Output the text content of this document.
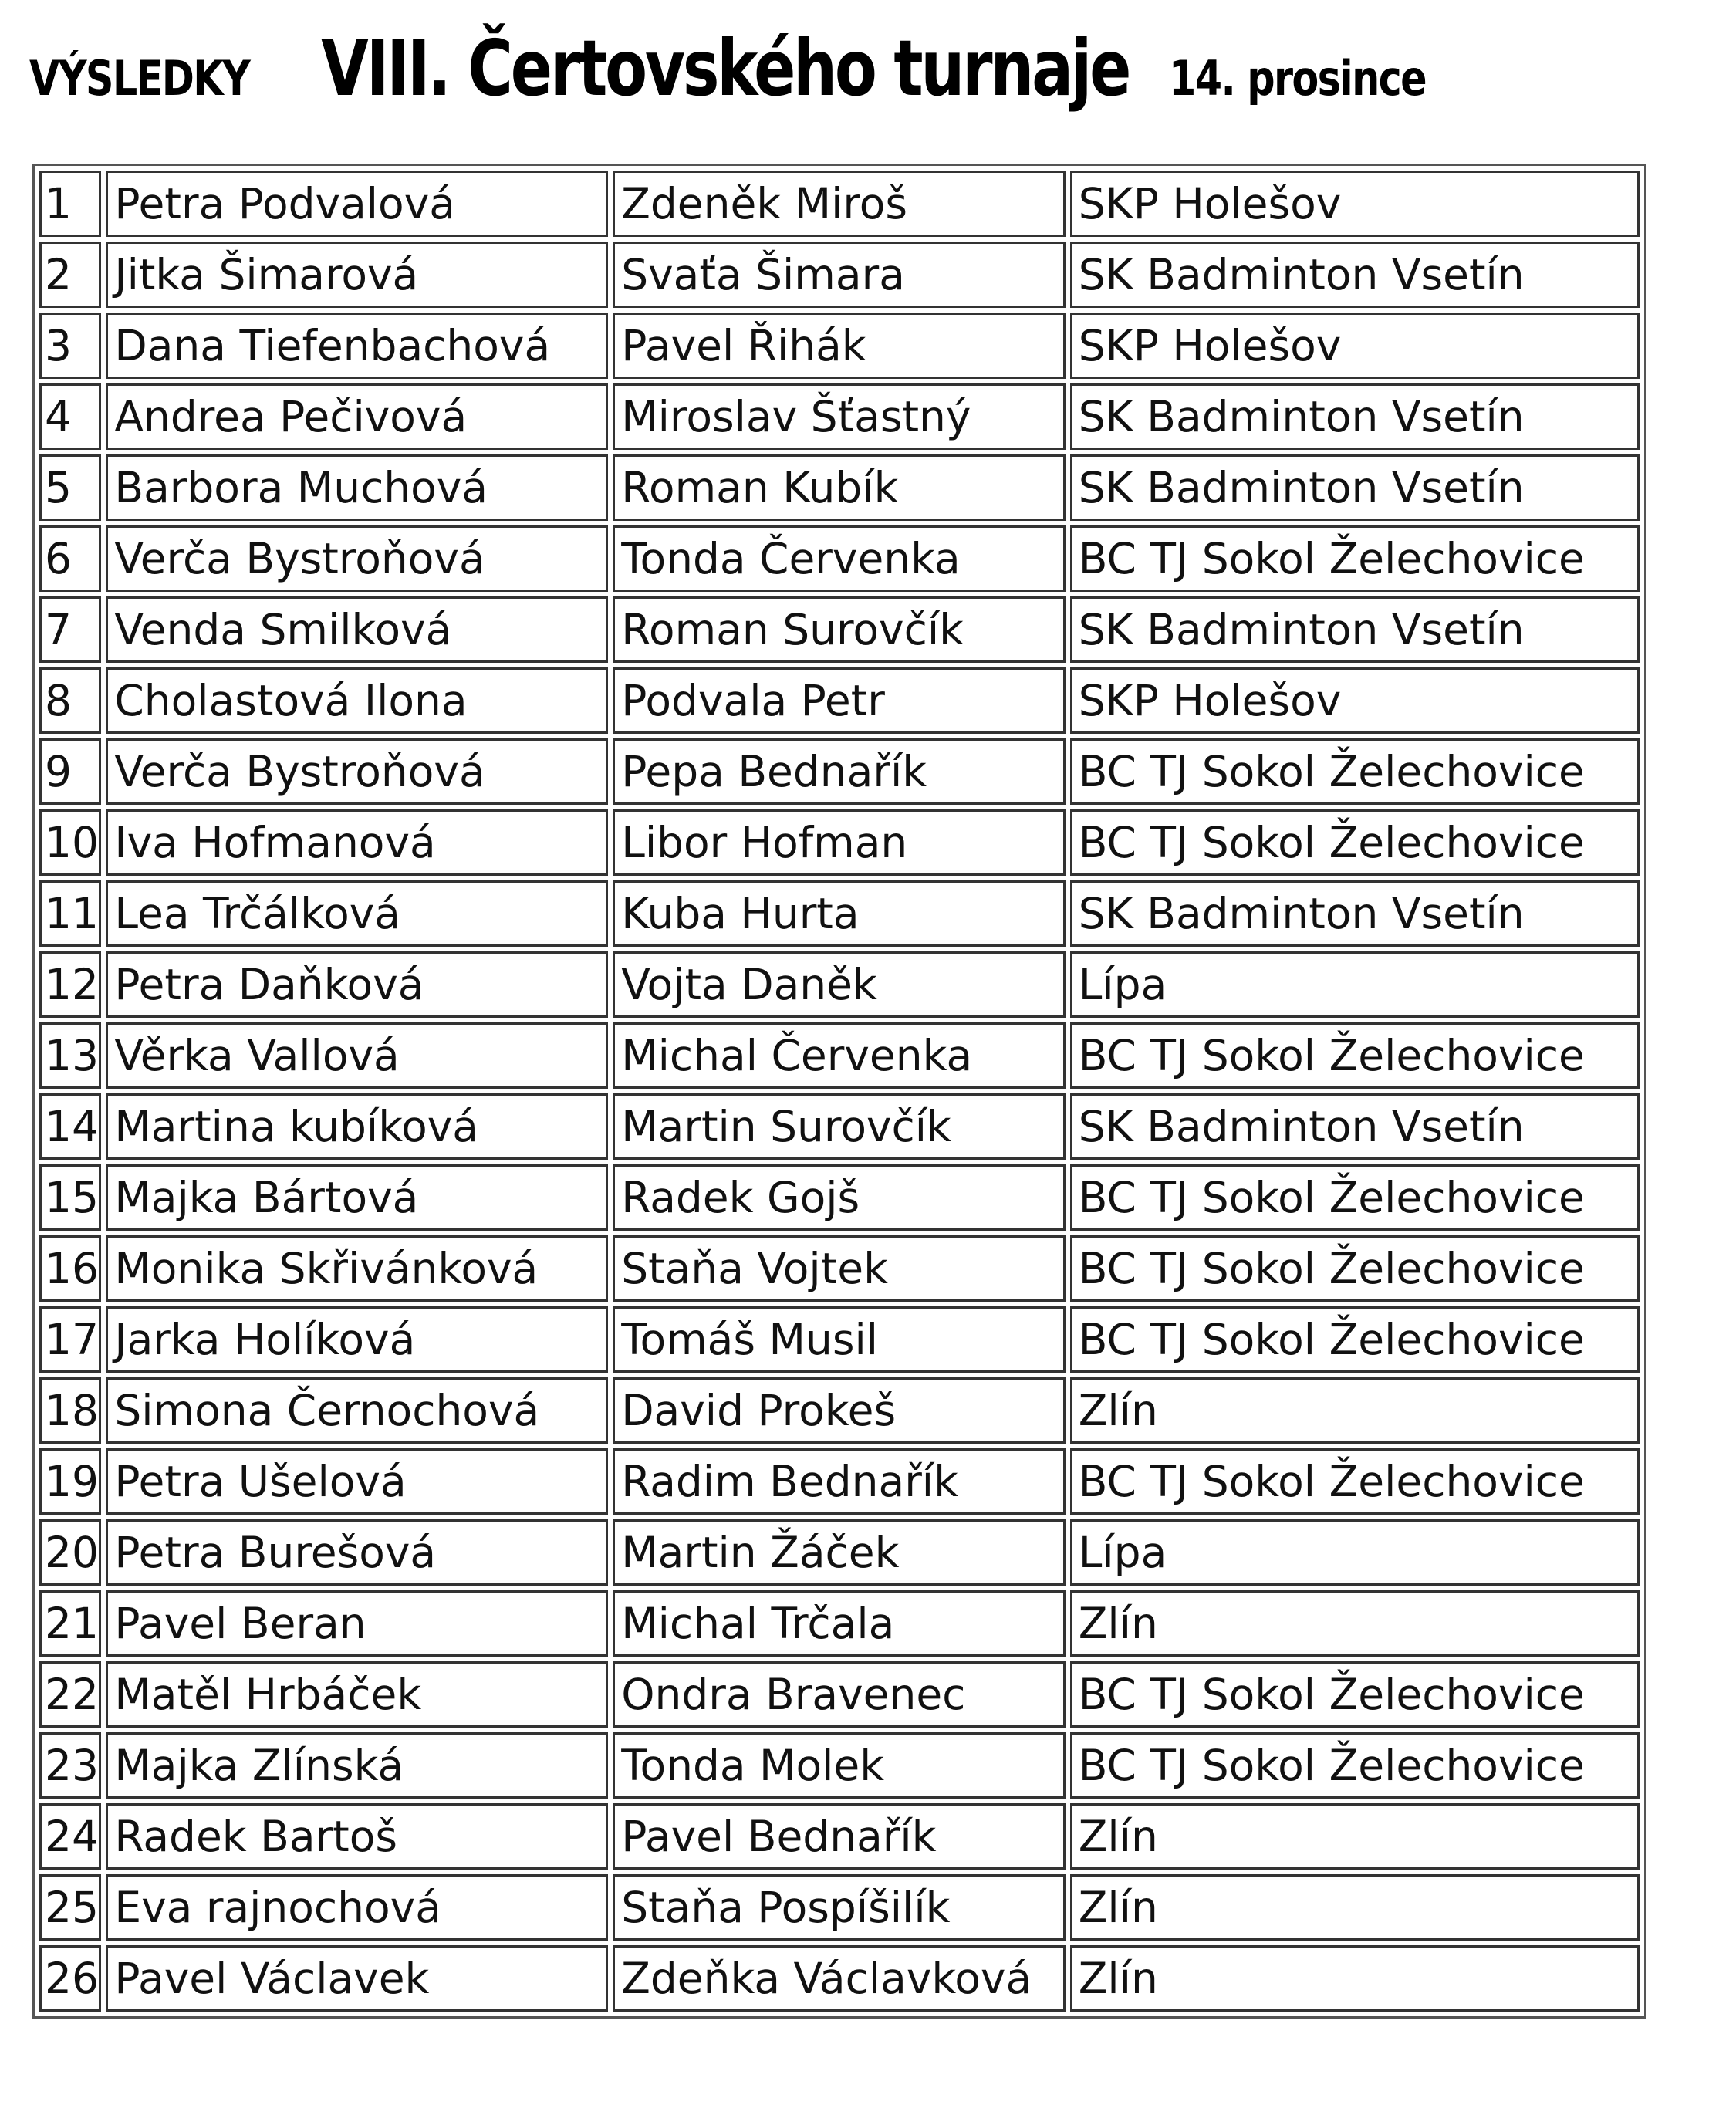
VÝSLEDKY VIII. Čertovského turnaje 14. prosince
1	Petra Podvalová	Zdeněk Miroš	SKP Holešov
2	Jitka Šimarová	Svaťa Šimara	SK Badminton Vsetín
3	Dana Tiefenbachová	Pavel Řihák	SKP Holešov
4	Andrea Pečivová	Miroslav Šťastný	SK Badminton Vsetín
5	Barbora Muchová	Roman Kubík	SK Badminton Vsetín
6	Verča Bystroňová	Tonda Červenka	BC TJ Sokol Želechovice
7	Venda Smilková	Roman Surovčík	SK Badminton Vsetín
8	Cholastová Ilona	Podvala Petr	SKP Holešov
9	Verča Bystroňová	Pepa Bednařík	BC TJ Sokol Želechovice
10	Iva Hofmanová	Libor Hofman	BC TJ Sokol Želechovice
11	Lea Trčálková	Kuba Hurta	SK Badminton Vsetín
12	Petra Daňková	Vojta Daněk	Lípa
13	Věrka Vallová	Michal Červenka	BC TJ Sokol Želechovice
14	Martina kubíková	Martin Surovčík	SK Badminton Vsetín
15	Majka Bártová	Radek Gojš	BC TJ Sokol Želechovice
16	Monika Skřivánková	Staňa Vojtek	BC TJ Sokol Želechovice
17	Jarka Holíková	Tomáš Musil	BC TJ Sokol Želechovice
18	Simona Černochová	David Prokeš	Zlín
19	Petra Ušelová	Radim Bednařík	BC TJ Sokol Želechovice
20	Petra Burešová	Martin Žáček	Lípa
21	Pavel Beran	Michal Trčala	Zlín
22	Matěl Hrbáček	Ondra Bravenec	BC TJ Sokol Želechovice
23	Majka Zlínská	Tonda Molek	BC TJ Sokol Želechovice
24	Radek Bartoš	Pavel Bednařík	Zlín
25	Eva rajnochová	Staňa Pospíšilík	Zlín
26	Pavel Václavek	Zdeňka Václavková	Zlín
